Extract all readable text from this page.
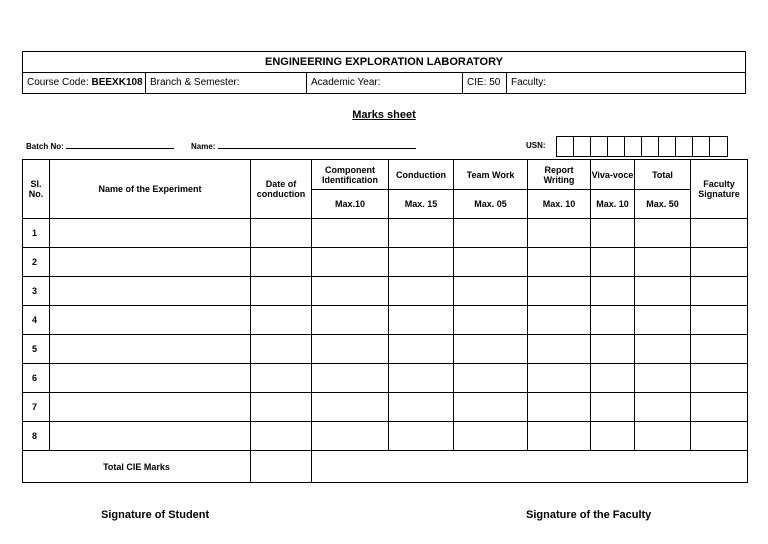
ENGINEERING EXPLORATION LABORATORY
Course Code: BEEXK108 Branch & Semester:	Academic Year:	CIE: 50	Faculty:
Marks sheet
Batch No:	Name:	USN:
Sl. No.	Name of the Experiment	Date of conduction	Component Identification	Conduction	Team Work	Report Writing	Viva-voce	Total	Faculty Signature
			Max.10	Max. 15	Max. 05	Max. 10	Max. 10	Max. 50	
1									
2									
3									
4									
5									
6									
7									
8									
Total CIE Marks									
Signature of Student	Signature of the Faculty
